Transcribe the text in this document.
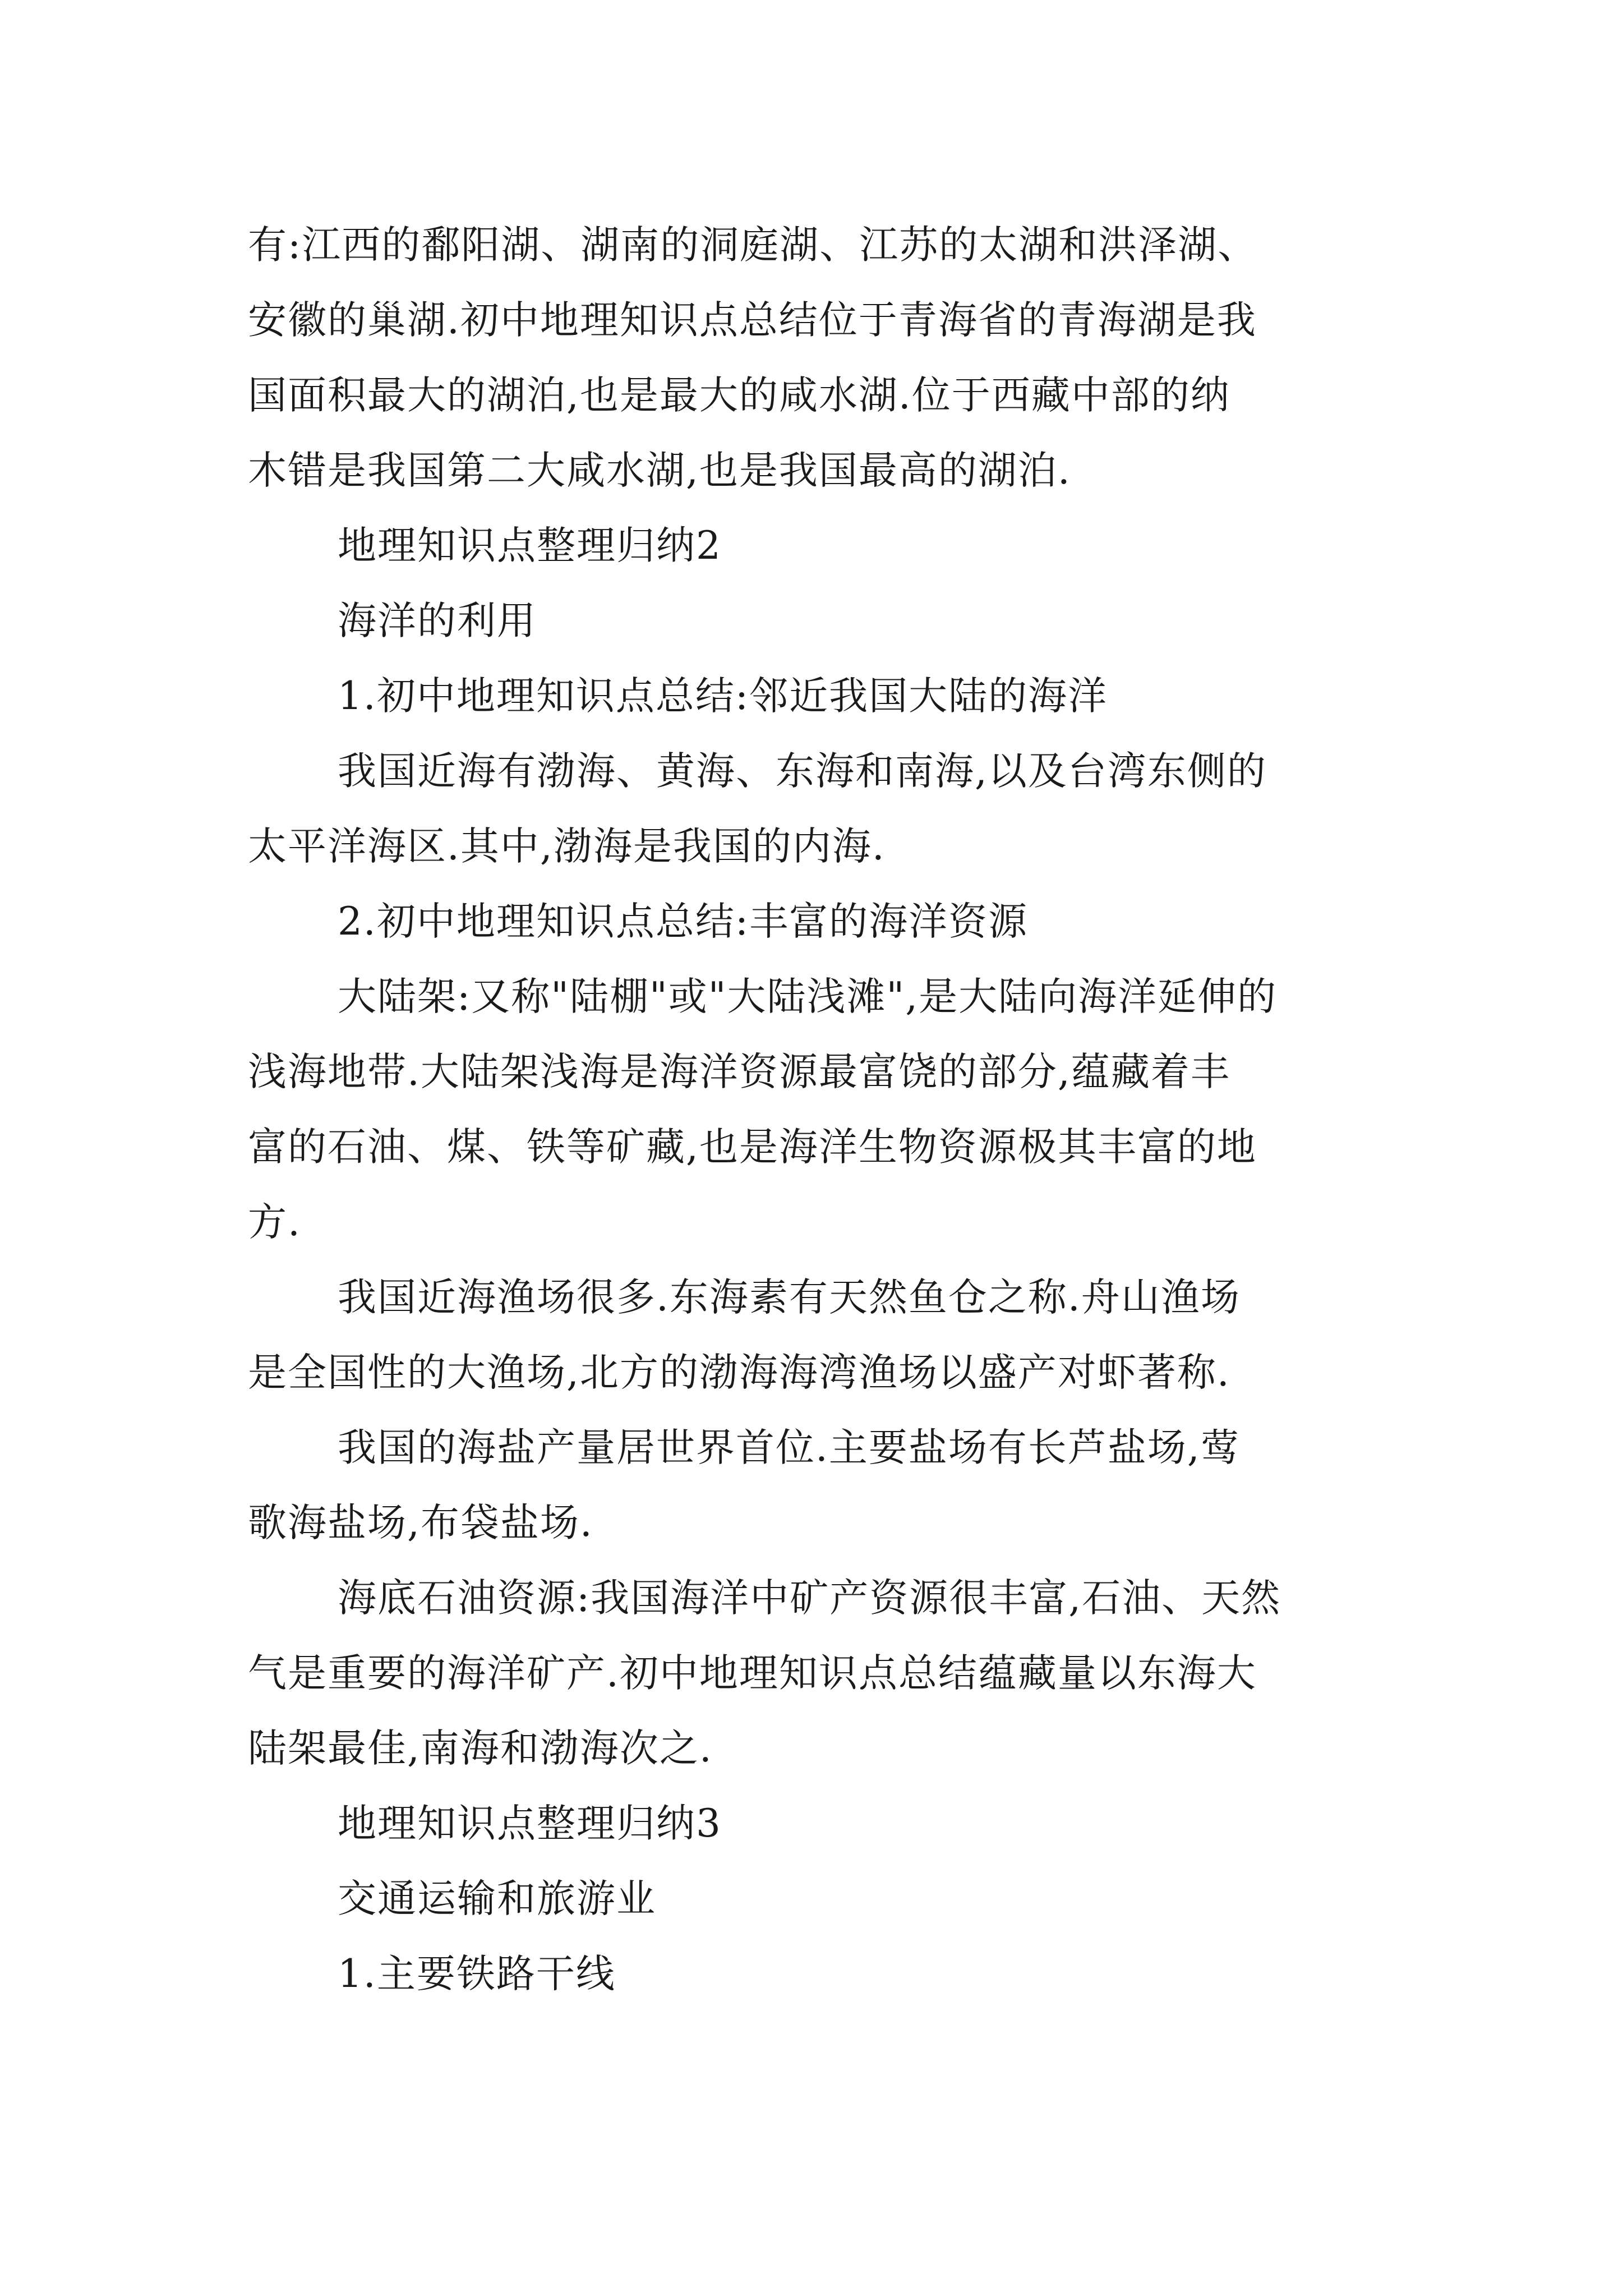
有:江西的鄱阳湖、湖南的洞庭湖、江苏的太湖和洪泽湖、
安徽的巢湖.初中地理知识点总结位于青海省的青海湖是我
国面积最大的湖泊,也是最大的咸水湖.位于西藏中部的纳
木错是我国第二大咸水湖,也是我国最高的湖泊.
地理知识点整理归纳2
海洋的利用
1.初中地理知识点总结:邻近我国大陆的海洋
我国近海有渤海、黄海、东海和南海,以及台湾东侧的
太平洋海区.其中,渤海是我国的内海.
2.初中地理知识点总结:丰富的海洋资源
大陆架:又称"陆棚"或"大陆浅滩",是大陆向海洋延伸的
浅海地带.大陆架浅海是海洋资源最富饶的部分,蕴藏着丰
富的石油、煤、铁等矿藏,也是海洋生物资源极其丰富的地
方.
我国近海渔场很多.东海素有天然鱼仓之称.舟山渔场
是全国性的大渔场,北方的渤海海湾渔场以盛产对虾著称.
我国的海盐产量居世界首位.主要盐场有长芦盐场,莺
歌海盐场,布袋盐场.
海底石油资源:我国海洋中矿产资源很丰富,石油、天然
气是重要的海洋矿产.初中地理知识点总结蕴藏量以东海大
陆架最佳,南海和渤海次之.
地理知识点整理归纳3
交通运输和旅游业
1.主要铁路干线
